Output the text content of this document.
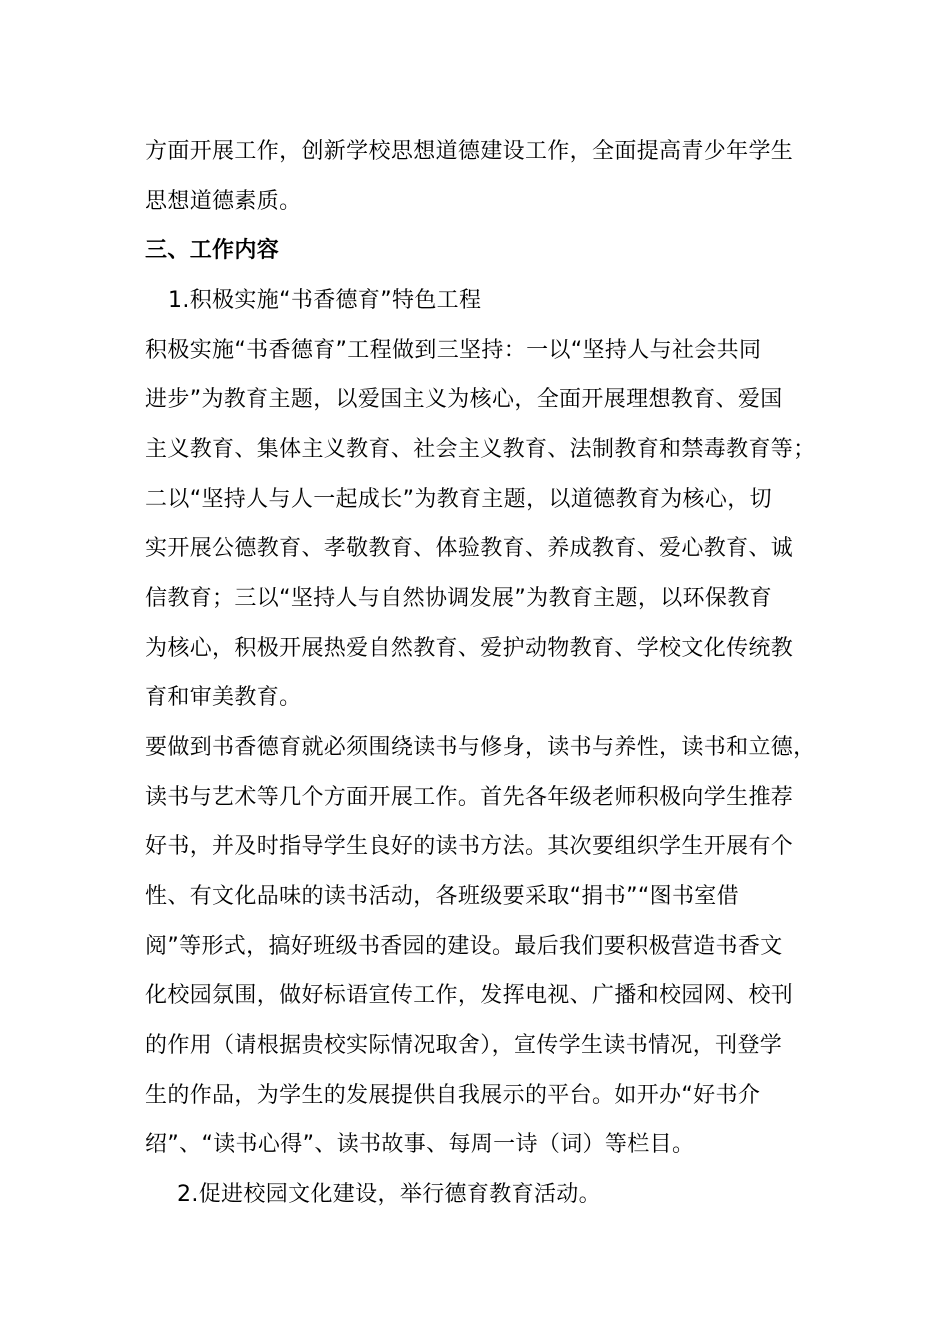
方面开展工作，创新学校思想道德建设工作，全面提高青少年学生
思想道德素质。
三、工作内容
1.积极实施“书香德育”特色工程
积极实施“书香德育”工程做到三坚持：一以“坚持人与社会共同
进步”为教育主题，以爱国主义为核心，全面开展理想教育、爱国
主义教育、集体主义教育、社会主义教育、法制教育和禁毒教育等；
二以“坚持人与人一起成长”为教育主题，以道德教育为核心，切
实开展公德教育、孝敬教育、体验教育、养成教育、爱心教育、诚
信教育；三以“坚持人与自然协调发展”为教育主题，以环保教育
为核心，积极开展热爱自然教育、爱护动物教育、学校文化传统教
育和审美教育。
要做到书香德育就必须围绕读书与修身，读书与养性，读书和立德，
读书与艺术等几个方面开展工作。首先各年级老师积极向学生推荐
好书，并及时指导学生良好的读书方法。其次要组织学生开展有个
性、有文化品味的读书活动，各班级要采取“捐书”“图书室借
阅”等形式，搞好班级书香园的建设。最后我们要积极营造书香文
化校园氛围，做好标语宣传工作，发挥电视、广播和校园网、校刊
的作用（请根据贵校实际情况取舍），宣传学生读书情况，刊登学
生的作品，为学生的发展提供自我展示的平台。如开办“好书介
绍”、“读书心得”、读书故事、每周一诗（词）等栏目。
2.促进校园文化建设，举行德育教育活动。
